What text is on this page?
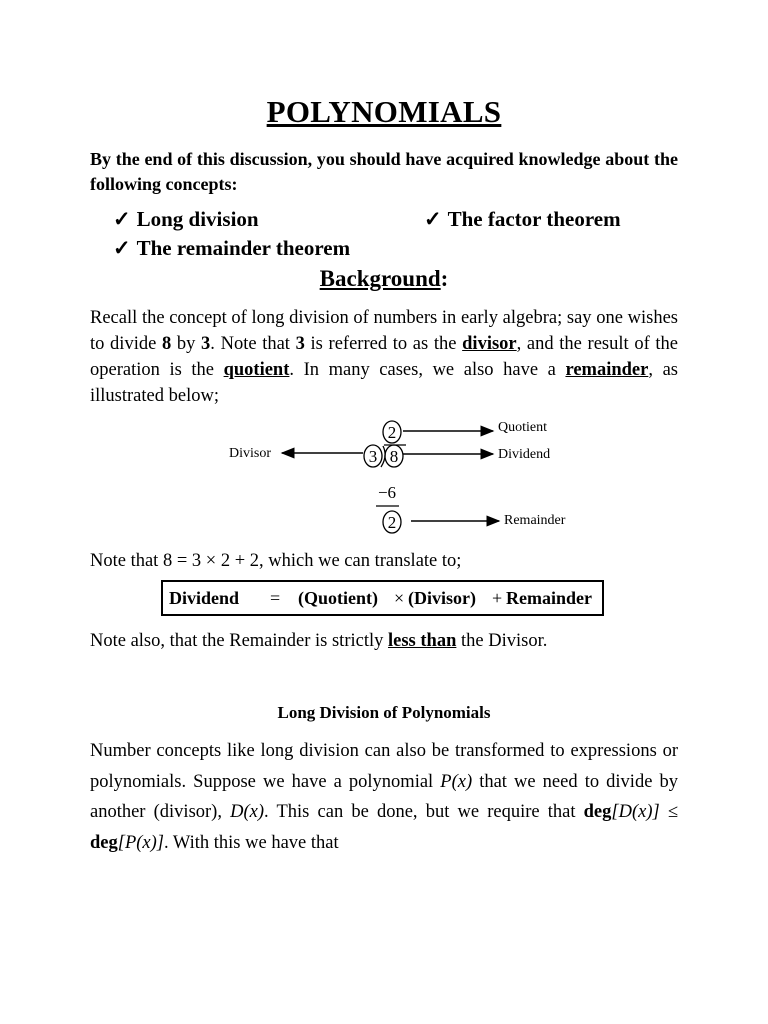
POLYNOMIALS
By the end of this discussion, you should have acquired knowledge about the following concepts:
✓ Long division	✓ The factor theorem
✓ The remainder theorem
Background:
Recall the concept of long division of numbers in early algebra; say one wishes to divide 8 by 3. Note that 3 is referred to as the divisor, and the result of the operation is the quotient. In many cases, we also have a remainder, as illustrated below;
2
3 8
Quotient
Dividend
Divisor
Remainder
−6
2
Note that 8 = 3 × 2 + 2, which we can translate to;
Dividend = (Quotient) × (Divisor) + Remainder
Note also, that the Remainder is strictly less than the Divisor.
Long Division of Polynomials
Number concepts like long division can also be transformed to expressions or polynomials. Suppose we have a polynomial P(x) that we need to divide by another (divisor), D(x). This can be done, but we require that deg[D(x)] ≤ deg[P(x)]. With this we have that
